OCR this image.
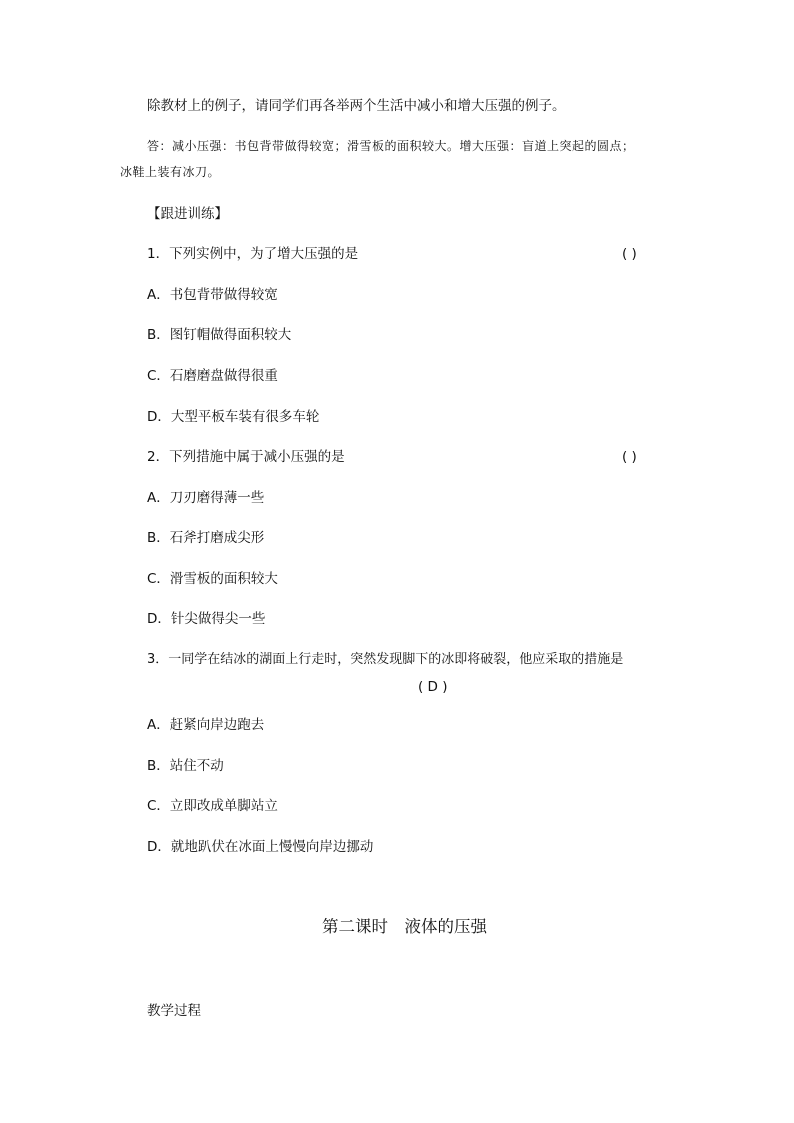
除教材上的例子，请同学们再各举两个生活中减小和增大压强的例子。
答：减小压强：书包背带做得较宽；滑雪板的面积较大。增大压强：盲道上突起的圆点；
冰鞋上装有冰刀。
【跟进训练】
1．下列实例中，为了增大压强的是	( )
A．书包背带做得较宽
B．图钉帽做得面积较大
C．石磨磨盘做得很重
D．大型平板车装有很多车轮
2．下列措施中属于减小压强的是	( )
A．刀刃磨得薄一些
B．石斧打磨成尖形
C．滑雪板的面积较大
D．针尖做得尖一些
3．一同学在结冰的湖面上行走时，突然发现脚下的冰即将破裂，他应采取的措施是
( D )
A．赶紧向岸边跑去
B．站住不动
C．立即改成单脚站立
D．就地趴伏在冰面上慢慢向岸边挪动
第二课时　液体的压强
教学过程
